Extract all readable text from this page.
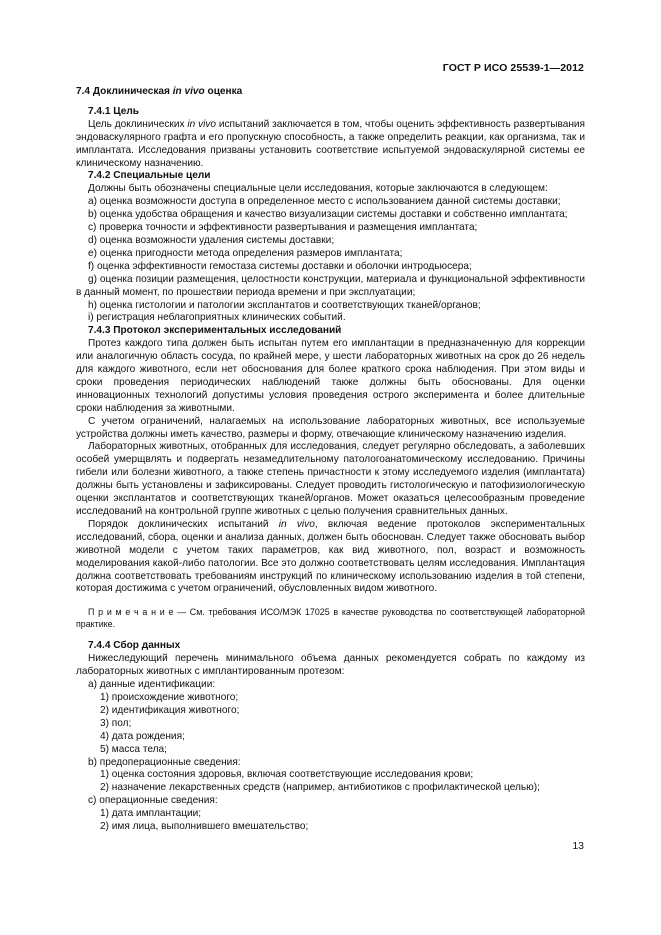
ГОСТ Р ИСО 25539-1—2012

7.4 Доклиническая in vivo оценка

7.4.1 Цель

Цель доклинических in vivo испытаний заключается в том, чтобы оценить эффективность развертывания эндоваскулярного графта и его пропускную способность, а также определить реакции, как организма, так и имплантата. Исследования призваны установить соответствие испытуемой эндоваскулярной системы ее клиническому назначению.

7.4.2 Специальные цели

Должны быть обозначены специальные цели исследования, которые заключаются в следующем:

a) оценка возможности доступа в определенное место с использованием данной системы доставки;

b) оценка удобства обращения и качество визуализации системы доставки и собственно имплантата;

c) проверка точности и эффективности развертывания и размещения имплантата;

d) оценка возможности удаления системы доставки;

e) оценка пригодности метода определения размеров имплантата;

f) оценка эффективности гемостаза системы доставки и оболочки интродьюсера;

g) оценка позиции размещения, целостности конструкции, материала и функциональной эффективности в данный момент, по прошествии периода времени и при эксплуатации;

h) оценка гистологии и патологии эксплантатов и соответствующих тканей/органов;

i) регистрация неблагоприятных клинических событий.

7.4.3 Протокол экспериментальных исследований

Протез каждого типа должен быть испытан путем его имплантации в предназначенную для коррекции или аналогичную область сосуда, по крайней мере, у шести лабораторных животных на срок до 26 недель для каждого животного, если нет обоснования для более краткого срока наблюдения. При этом виды и сроки проведения периодических наблюдений также должны быть обоснованы. Для оценки инновационных технологий допустимы условия проведения острого эксперимента и более длительные сроки наблюдения за животными.

С учетом ограничений, налагаемых на использование лабораторных животных, все используемые устройства должны иметь качество, размеры и форму, отвечающие клиническому назначению изделия.

Лабораторных животных, отобранных для исследования, следует регулярно обследовать, а заболевших особей умерщвлять и подвергать незамедлительному патологоанатомическому исследованию. Причины гибели или болезни животного, а также степень причастности к этому исследуемого изделия (имплантата) должны быть установлены и зафиксированы. Следует проводить гистологическую и патофизиологическую оценки эксплантатов и соответствующих тканей/органов. Может оказаться целесообразным проведение исследований на контрольной группе животных с целью получения сравнительных данных.

Порядок доклинических испытаний in vivo, включая ведение протоколов экспериментальных исследований, сбора, оценки и анализа данных, должен быть обоснован. Следует также обосновать выбор животной модели с учетом таких параметров, как вид животного, пол, возраст и возможность моделирования какой-либо патологии. Все это должно соответствовать целям исследования. Имплантация должна соответствовать требованиям инструкций по клиническому использованию изделия в той степени, которая достижима с учетом ограничений, обусловленных видом животного.

П р и м е ч а н и е — См. требования ИСО/МЭК 17025 в качестве руководства по соответствующей лабораторной практике.

7.4.4 Сбор данных

Нижеследующий перечень минимального объема данных рекомендуется собрать по каждому из лабораторных животных с имплантированным протезом:

a) данные идентификации:

1) происхождение животного;

2) идентификация животного;

3) пол;

4) дата рождения;

5) масса тела;

b) предоперационные сведения:

1) оценка состояния здоровья, включая соответствующие исследования крови;

2) назначение лекарственных средств (например, антибиотиков с профилактической целью);

c) операционные сведения:

1) дата имплантации;

2) имя лица, выполнившего вмешательство;

13
